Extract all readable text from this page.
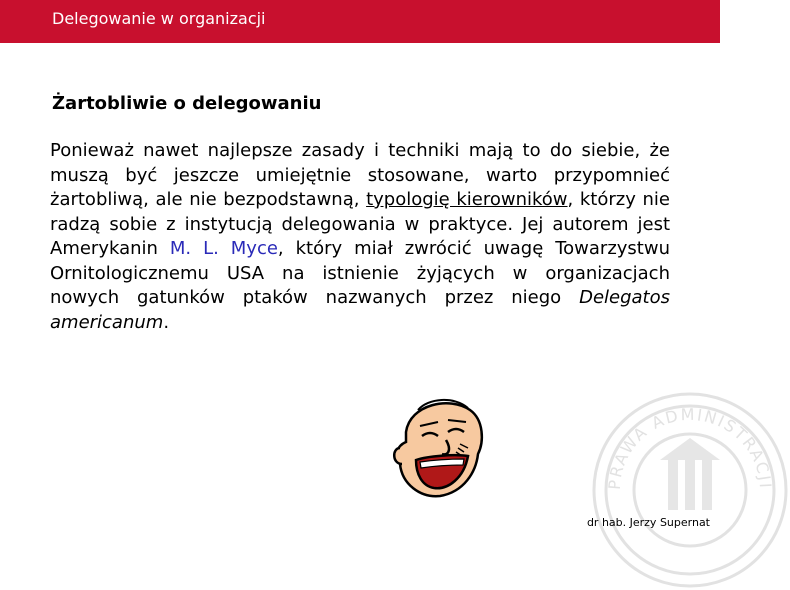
Delegowanie w organizacji
Żartobliwie o delegowaniu
Ponieważ nawet najlepsze zasady i techniki mają to do siebie, że muszą być jeszcze umiejętnie stosowane, warto przypomnieć żartobliwą, ale nie bezpodstawną, typologię kierowników, którzy nie radzą sobie z instytucją delegowania w praktyce. Jej autorem jest Amerykanin M. L. Myce, który miał zwrócić uwagę Towarzystwu Ornitologicznemu USA na istnienie żyjących w organizacjach nowych gatunków ptaków nazwanych przez niego Delegatos americanum.
PRAWA ADMINISTRACJI
dr hab. Jerzy Supernat
